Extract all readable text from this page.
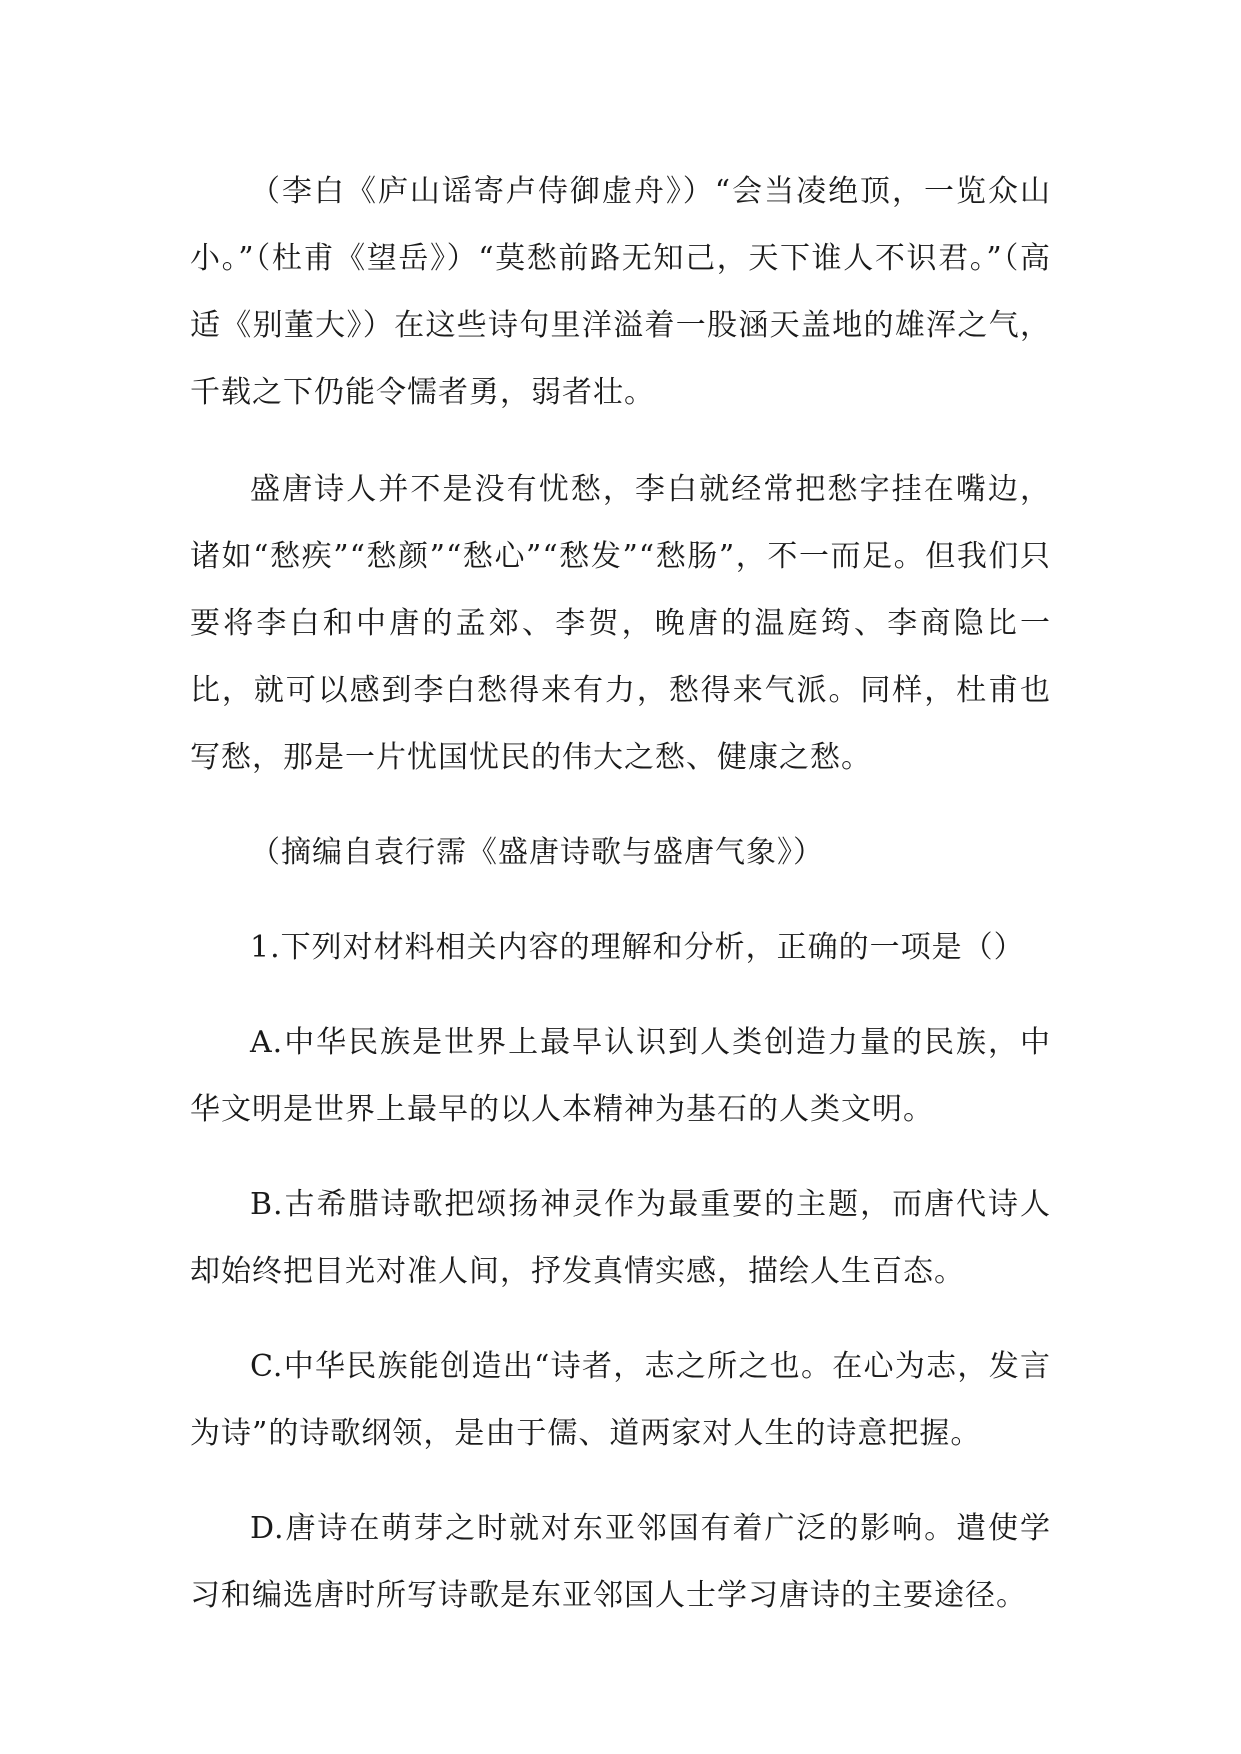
（李白《庐山谣寄卢侍御虚舟》）“会当凌绝顶，一览众山小。”（杜甫《望岳》）“莫愁前路无知己，天下谁人不识君。”（高适《别董大》）在这些诗句里洋溢着一股涵天盖地的雄浑之气，千载之下仍能令懦者勇，弱者壮。

盛唐诗人并不是没有忧愁，李白就经常把愁字挂在嘴边，诸如“愁疾”“愁颜”“愁心”“愁发”“愁肠”，不一而足。但我们只要将李白和中唐的孟郊、李贺，晚唐的温庭筠、李商隐比一比，就可以感到李白愁得来有力，愁得来气派。同样，杜甫也写愁，那是一片忧国忧民的伟大之愁、健康之愁。

（摘编自袁行霈《盛唐诗歌与盛唐气象》）

1.下列对材料相关内容的理解和分析，正确的一项是（）

A.中华民族是世界上最早认识到人类创造力量的民族，中华文明是世界上最早的以人本精神为基石的人类文明。

B.古希腊诗歌把颂扬神灵作为最重要的主题，而唐代诗人却始终把目光对准人间，抒发真情实感，描绘人生百态。

C.中华民族能创造出“诗者，志之所之也。在心为志，发言为诗”的诗歌纲领，是由于儒、道两家对人生的诗意把握。

D.唐诗在萌芽之时就对东亚邻国有着广泛的影响。遣使学习和编选唐时所写诗歌是东亚邻国人士学习唐诗的主要途径。
